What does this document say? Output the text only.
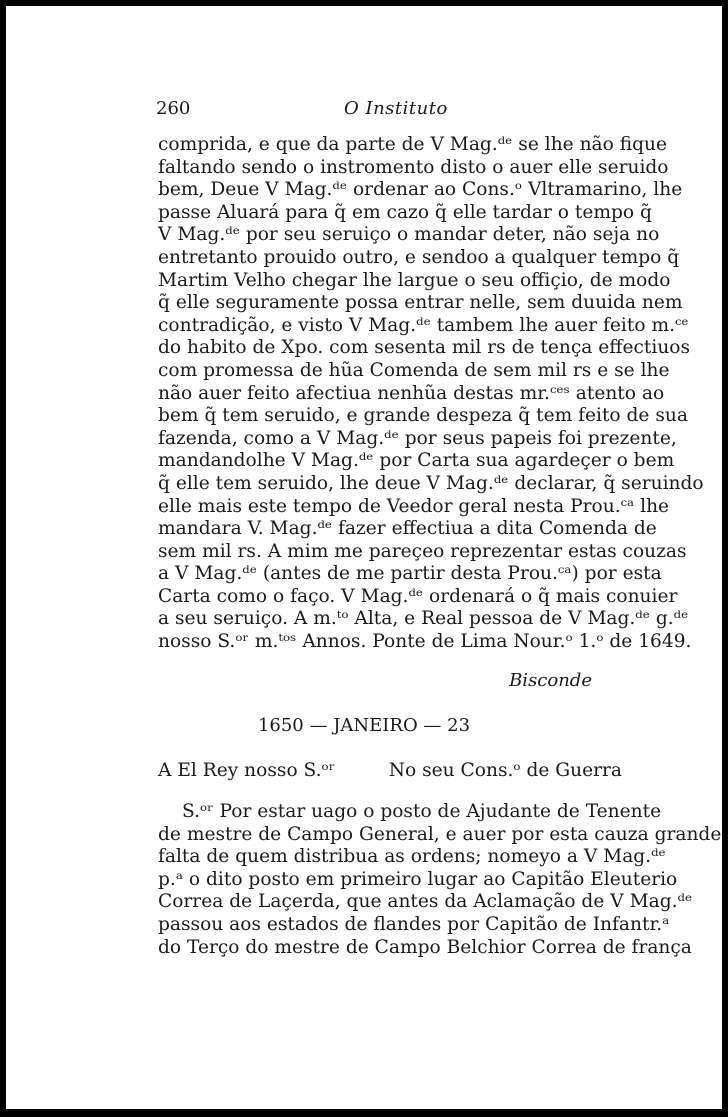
260	O Instituto
comprida, e que da parte de V Mag.ᵈᵉ se lhe não fique
faltando sendo o instromento disto o auer elle seruido
bem, Deue V Mag.ᵈᵉ ordenar ao Cons.ᵒ Vltramarino, lhe
passe Aluará para q̃ em cazo q̃ elle tardar o tempo q̃
V Mag.ᵈᵉ por seu seruiço o mandar deter, não seja no
entretanto prouido outro, e sendoo a qualquer tempo q̃
Martim Velho chegar lhe largue o seu offiçio, de modo
q̃ elle seguramente possa entrar nelle, sem duuida nem
contradição, e visto V Mag.ᵈᵉ tambem lhe auer feito m.ᶜᵉ
do habito de Xpo. com sesenta mil rs de tença effectiuos
com promessa de hũa Comenda de sem mil rs e se lhe
não auer feito afectiua nenhũa destas mr.ᶜᵉˢ atento ao
bem q̃ tem seruido, e grande despeza q̃ tem feito de sua
fazenda, como a V Mag.ᵈᵉ por seus papeis foi prezente,
mandandolhe V Mag.ᵈᵉ por Carta sua agardeçer o bem
q̃ elle tem seruido, lhe deue V Mag.ᵈᵉ declarar, q̃ seruindo
elle mais este tempo de Veedor geral nesta Prou.ᶜᵃ lhe
mandara V. Mag.ᵈᵉ fazer effectiua a dita Comenda de
sem mil rs. A mim me pareçeo reprezentar estas couzas
a V Mag.ᵈᵉ (antes de me partir desta Prou.ᶜᵃ) por esta
Carta como o faço. V Mag.ᵈᵉ ordenará o q̃ mais conuier
a seu seruiço. A m.ᵗᵒ Alta, e Real pessoa de V Mag.ᵈᵉ g.ᵈᵉ
nosso S.ᵒʳ m.ᵗᵒˢ Annos. Ponte de Lima Nour.ᵒ 1.ᵒ de 1649.
Bisconde
1650 — JANEIRO — 23
A El Rey nosso S.ᵒʳ	No seu Cons.ᵒ de Guerra
S.ᵒʳ Por estar uago o posto de Ajudante de Tenente
de mestre de Campo General, e auer por esta cauza grande
falta de quem distribua as ordens; nomeyo a V Mag.ᵈᵉ
p.ᵃ o dito posto em primeiro lugar ao Capitão Eleuterio
Correa de Laçerda, que antes da Aclamação de V Mag.ᵈᵉ
passou aos estados de flandes por Capitão de Infantr.ᵃ
do Terço do mestre de Campo Belchior Correa de frança
